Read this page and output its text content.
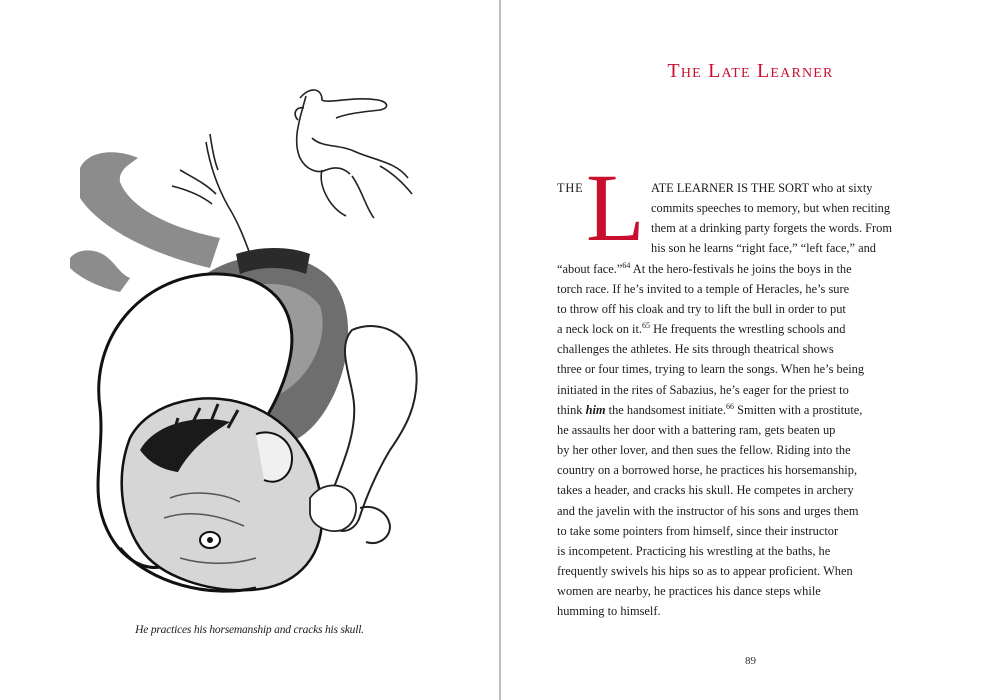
He practices his horsemanship and cracks his skull.
The Late Learner
THE L ATE LEARNER IS THE SORT who at sixty
commits speeches to memory, but when reciting
them at a drinking party forgets the words. From
his son he learns “right face,” “left face,” and
“about face.”$^{64}$ At the hero-festivals he joins the boys in the
torch race. If he’s invited to a temple of Heracles, he’s sure
to throw off his cloak and try to lift the bull in order to put
a neck lock on it.$^{65}$ He frequents the wrestling schools and
challenges the athletes. He sits through theatrical shows
three or four times, trying to learn the songs. When he’s being
initiated in the rites of Sabazius, he’s eager for the priest to
think him the handsomest initiate.$^{66}$ Smitten with a prostitute,
he assaults her door with a battering ram, gets beaten up
by her other lover, and then sues the fellow. Riding into the
country on a borrowed horse, he practices his horsemanship,
takes a header, and cracks his skull. He competes in archery
and the javelin with the instructor of his sons and urges them
to take some pointers from himself, since their instructor
is incompetent. Practicing his wrestling at the baths, he
frequently swivels his hips so as to appear proficient. When
women are nearby, he practices his dance steps while
humming to himself.
89
